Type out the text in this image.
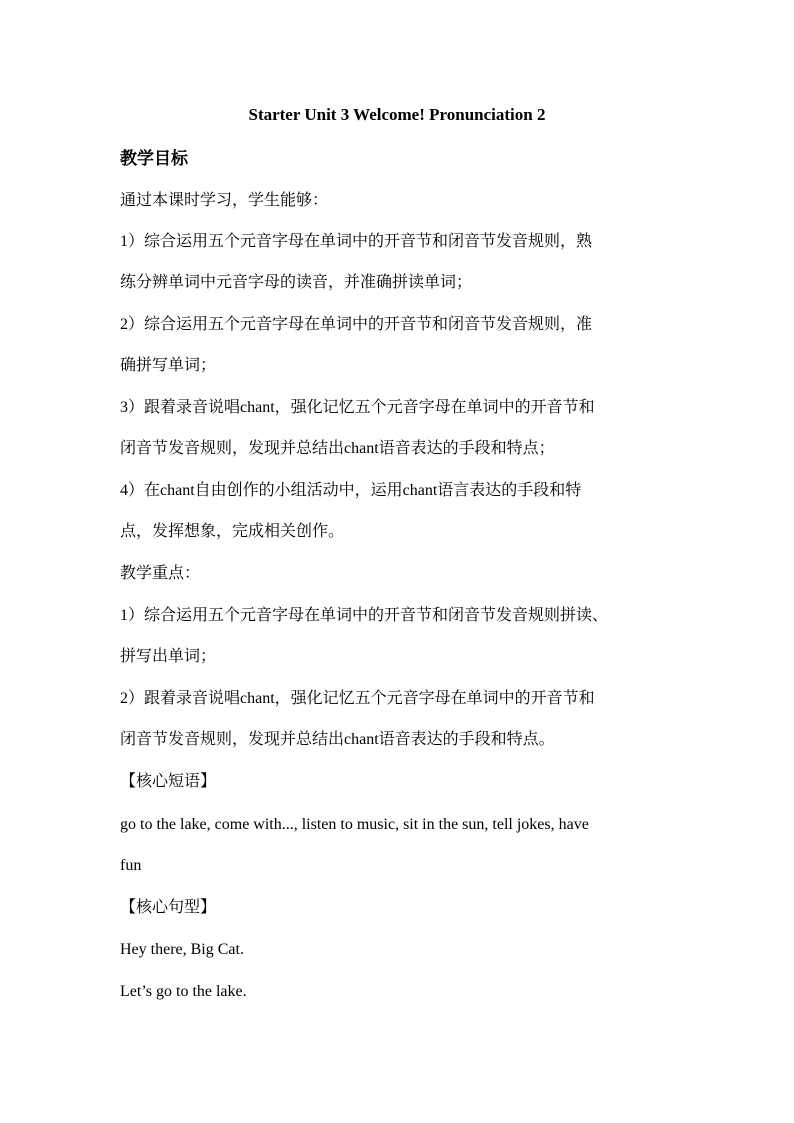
Starter Unit 3 Welcome! Pronunciation 2
教学目标
通过本课时学习，学生能够：
1）综合运用五个元音字母在单词中的开音节和闭音节发音规则，熟
练分辨单词中元音字母的读音，并准确拼读单词；
2）综合运用五个元音字母在单词中的开音节和闭音节发音规则，准
确拼写单词；
3）跟着录音说唱chant，强化记忆五个元音字母在单词中的开音节和
闭音节发音规则，发现并总结出chant语音表达的手段和特点；
4）在chant自由创作的小组活动中，运用chant语言表达的手段和特
点，发挥想象，完成相关创作。
教学重点：
1）综合运用五个元音字母在单词中的开音节和闭音节发音规则拼读、
拼写出单词；
2）跟着录音说唱chant，强化记忆五个元音字母在单词中的开音节和
闭音节发音规则，发现并总结出chant语音表达的手段和特点。
【核心短语】
go to the lake, come with..., listen to music, sit in the sun, tell jokes, have
fun
【核心句型】
Hey there, Big Cat.
Let’s go to the lake.
